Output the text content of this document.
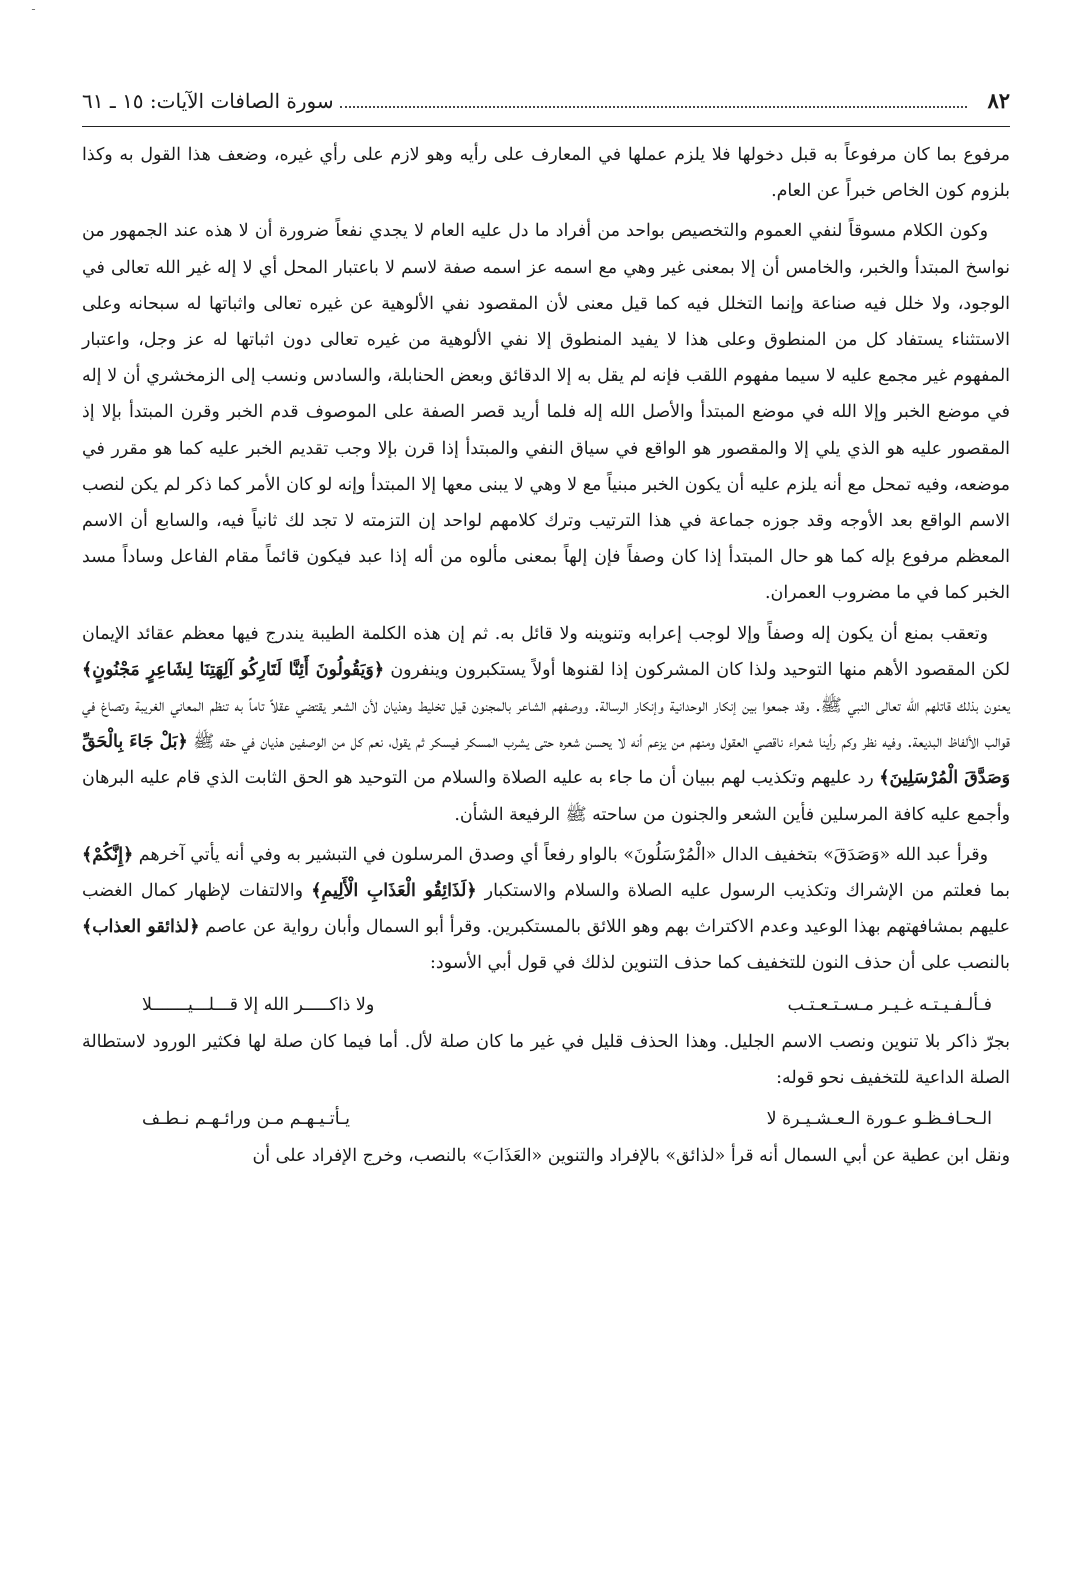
ـ
٨٢
سورة الصافات الآيات: ١٥ ـ ٦١

مرفوع بما كان مرفوعاً به قبل دخولها فلا يلزم عملها في المعارف على رأيه وهو لازم على رأي غيره، وضعف هذا القول به وكذا بلزوم كون الخاص خبراً عن العام.

وكون الكلام مسوقاً لنفي العموم والتخصيص بواحد من أفراد ما دل عليه العام لا يجدي نفعاً ضرورة أن لا هذه عند الجمهور من نواسخ المبتدأ والخبر، والخامس أن إلا بمعنى غير وهي مع اسمه عز اسمه صفة لاسم لا باعتبار المحل أي لا إله غير الله تعالى في الوجود، ولا خلل فيه صناعة وإنما التخلل فيه كما قيل معنى لأن المقصود نفي الألوهية عن غيره تعالى واثباتها له سبحانه وعلى الاستثناء يستفاد كل من المنطوق وعلى هذا لا يفيد المنطوق إلا نفي الألوهية من غيره تعالى دون اثباتها له عز وجل، واعتبار المفهوم غير مجمع عليه لا سيما مفهوم اللقب فإنه لم يقل به إلا الدقائق وبعض الحنابلة، والسادس ونسب إلى الزمخشري أن لا إله في موضع الخبر وإلا الله في موضع المبتدأ والأصل الله إله فلما أريد قصر الصفة على الموصوف قدم الخبر وقرن المبتدأ بإلا إذ المقصور عليه هو الذي يلي إلا والمقصور هو الواقع في سياق النفي والمبتدأ إذا قرن بإلا وجب تقديم الخبر عليه كما هو مقرر في موضعه، وفيه تمحل مع أنه يلزم عليه أن يكون الخبر مبنياً مع لا وهي لا يبنى معها إلا المبتدأ وإنه لو كان الأمر كما ذكر لم يكن لنصب الاسم الواقع بعد الأوجه وقد جوزه جماعة في هذا الترتيب وترك كلامهم لواحد إن التزمته لا تجد لك ثانياً فيه، والسابع أن الاسم المعظم مرفوع بإله كما هو حال المبتدأ إذا كان وصفاً فإن إلهاً بمعنى مألوه من أله إذا عبد فيكون قائماً مقام الفاعل وساداً مسد الخبر كما في ما مضروب العمران.

وتعقب بمنع أن يكون إله وصفاً وإلا لوجب إعرابه وتنوينه ولا قائل به. ثم إن هذه الكلمة الطيبة يندرج فيها معظم عقائد الإيمان لكن المقصود الأهم منها التوحيد ولذا كان المشركون إذا لقنوها أولاً يستكبرون وينفرون ﴿وَيَقُولُونَ أَئِنَّا لَتَارِكُو آلِهَتِنَا لِشَاعِرٍ مَجْنُونٍ﴾ يعنون بذلك قاتلهم الله تعالى النبي ﷺ. وقد جمعوا بين إنكار الوحدانية وإنكار الرسالة. ووصفهم الشاعر بالمجنون قيل تخليط وهذيان لأن الشعر يقتضي عقلاً تاماً به تنظم المعاني الغريبة وتصاغ في قوالب الألفاظ البديعة. وفيه نظر وكم رأينا شعراء ناقصي العقول ومنهم من يزعم أنه لا يحسن شعره حتى يشرب المسكر فيسكر ثم يقول، نعم كل من الوصفين هذيان في حقه ﷺ ﴿بَلْ جَاءَ بِالْحَقِّ وَصَدَّقَ الْمُرْسَلِينَ﴾ رد عليهم وتكذيب لهم ببيان أن ما جاء به عليه الصلاة والسلام من التوحيد هو الحق الثابت الذي قام عليه البرهان وأجمع عليه كافة المرسلين فأين الشعر والجنون من ساحته ﷺ الرفيعة الشأن.

وقرأ عبد الله «وَصَدَقَ» بتخفيف الدال «الْمُرْسَلُونَ» بالواو رفعاً أي وصدق المرسلون في التبشير به وفي أنه يأتي آخرهم ﴿إِنَّكُمْ﴾ بما فعلتم من الإشراك وتكذيب الرسول عليه الصلاة والسلام والاستكبار ﴿لَذَائِقُو الْعَذَابِ الْأَلِيمِ﴾ والالتفات لإظهار كمال الغضب عليهم بمشافهتهم بهذا الوعيد وعدم الاكتراث بهم وهو اللائق بالمستكبرين. وقرأ أبو السمال وأبان رواية عن عاصم ﴿لذائقو العذاب﴾ بالنصب على أن حذف النون للتخفيف كما حذف التنوين لذلك في قول أبي الأسود:

فـألـفـيـتـه غـيـر مـسـتـعـتـب
ولا ذاكـــــر الله إلا قـــلـــيـــــــلا

بجرّ ذاكر بلا تنوين ونصب الاسم الجليل. وهذا الحذف قليل في غير ما كان صلة لأل. أما فيما كان صلة لها فكثير الورود لاستطالة الصلة الداعية للتخفيف نحو قوله:

الـحـافـظـو عـورة الـعـشـيـرة لا
يـأتـيـهـم مـن ورائـهـم نـطـف

ونقل ابن عطية عن أبي السمال أنه قرأ «لذائق» بالإفراد والتنوين «العَذَابَ» بالنصب، وخرج الإفراد على أن
